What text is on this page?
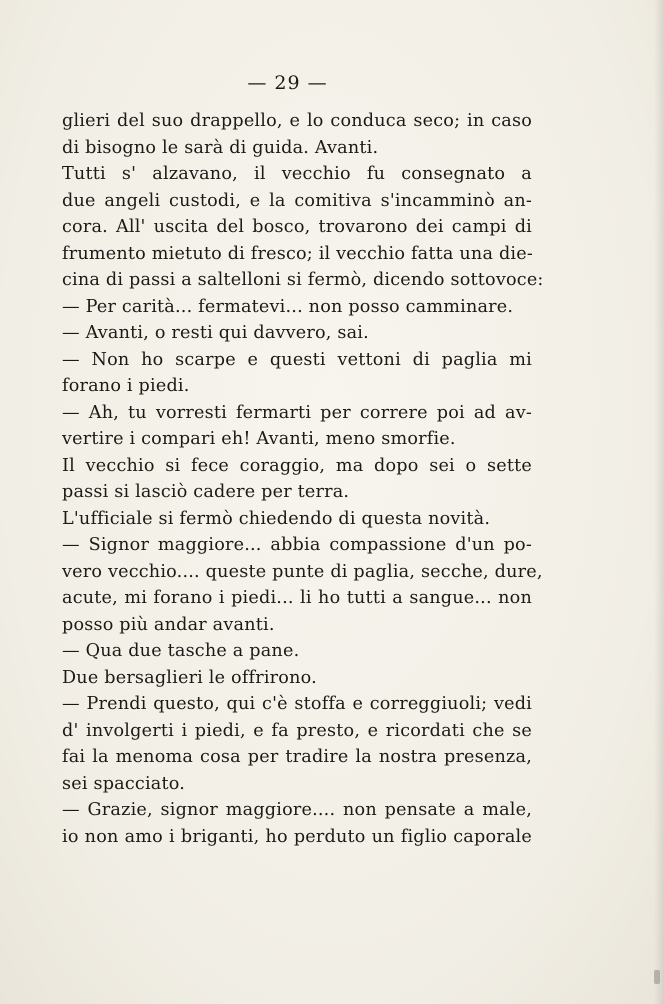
— 29 —
glieri del suo drappello, e lo conduca seco; in caso
di bisogno le sarà di guida. Avanti.
Tutti s' alzavano, il vecchio fu consegnato a
due angeli custodi, e la comitiva s'incamminò an-
cora. All' uscita del bosco, trovarono dei campi di
frumento mietuto di fresco; il vecchio fatta una die-
cina di passi a saltelloni si fermò, dicendo sottovoce:
— Per carità... fermatevi... non posso camminare.
— Avanti, o resti qui davvero, sai.
— Non ho scarpe e questi vettoni di paglia mi
forano i piedi.
— Ah, tu vorresti fermarti per correre poi ad av-
vertire i compari eh! Avanti, meno smorfie.
Il vecchio si fece coraggio, ma dopo sei o sette
passi si lasciò cadere per terra.
L'ufficiale si fermò chiedendo di questa novità.
— Signor maggiore... abbia compassione d'un po-
vero vecchio.... queste punte di paglia, secche, dure,
acute, mi forano i piedi... li ho tutti a sangue... non
posso più andar avanti.
— Qua due tasche a pane.
Due bersaglieri le offrirono.
— Prendi questo, qui c'è stoffa e correggiuoli; vedi
d' involgerti i piedi, e fa presto, e ricordati che se
fai la menoma cosa per tradire la nostra presenza,
sei spacciato.
— Grazie, signor maggiore.... non pensate a male,
io non amo i briganti, ho perduto un figlio caporale
